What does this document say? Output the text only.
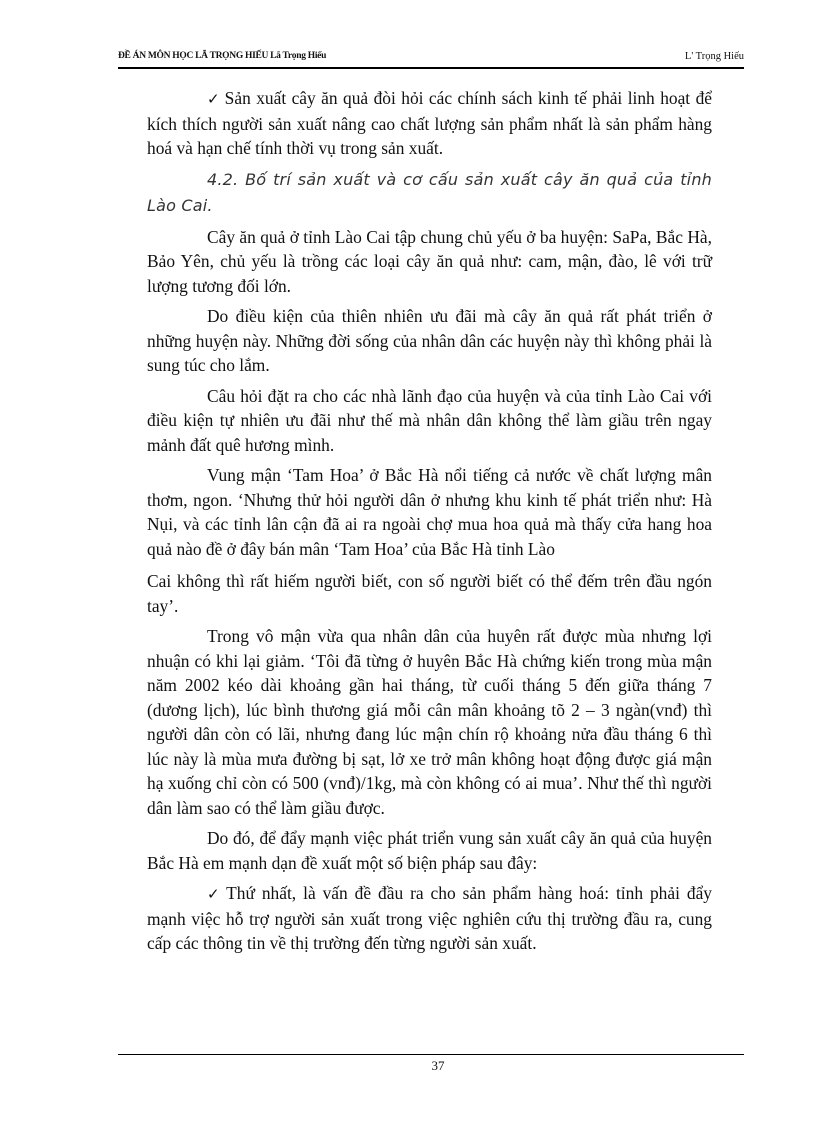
ĐỀ ÁN MÔN HỌC LÃ TRỌNG HIẾU Lã Trọng Hiếu	L' Trọng Hiếu

✓ Sản xuất cây ăn quả đòi hỏi các chính sách kinh tế phải linh hoạt để kích thích người sản xuất nâng cao chất lượng sản phẩm nhất là sản phẩm hàng hoá và hạn chế tính thời vụ trong sản xuất.

4.2. Bố trí sản xuất và cơ cấu sản xuất cây ăn quả của tỉnh Lào Cai.

Cây ăn quả ở tỉnh Lào Cai tập chung chủ yếu ở ba huyện: SaPa, Bắc Hà, Bảo Yên, chủ yếu là trồng các loại cây ăn quả như: cam, mận, đào, lê với trữ lượng tương đối lớn.

Do điều kiện của thiên nhiên ưu đãi mà cây ăn quả rất phát triển ở những huyện này. Những đời sống của nhân dân các huyện này thì không phải là sung túc cho lắm.

Câu hỏi đặt ra cho các nhà lãnh đạo của huyện và của tỉnh Lào Cai với điều kiện tự nhiên ưu đãi như thế mà nhân dân không thể làm giầu trên ngay mảnh đất quê hương mình.

Vung mận ‘Tam Hoa’ ở Bắc Hà nổi tiếng cả nước về chất lượng mân thơm, ngon. ‘Nhưng thử hỏi người dân ở nhưng khu kinh tế phát triển như: Hà Nụi, và các tỉnh lân cận đã ai ra ngoài chợ mua hoa quả mà thấy cửa hang hoa quả nào đề ở đây bán mân ‘Tam Hoa’ của Bắc Hà tỉnh Lào

Cai không thì rất hiếm người biết, con số người biết có thể đếm trên đầu ngón tay’.

Trong vô mận vừa qua nhân dân của huyên rất được mùa nhưng lợi nhuận có khi lại giảm. ‘Tôi đã từng ở huyên Bắc Hà chứng kiến trong mùa mận năm 2002 kéo dài khoảng gần hai tháng, từ cuối tháng 5 đến giữa tháng 7 (dương lịch), lúc bình thương giá mỗi cân mân khoảng tõ 2 – 3 ngàn(vnđ) thì người dân còn có lãi, nhưng đang lúc mận chín rộ khoảng nửa đầu tháng 6 thì lúc này là mùa mưa đường bị sạt, lở xe trở mân không hoạt động được giá mận hạ xuống chỉ còn có 500 (vnđ)/1kg, mà còn không có ai mua’. Như thế thì người dân làm sao có thể làm giầu được.

Do đó, để đẩy mạnh việc phát triển vung sản xuất cây ăn quả của huyện Bắc Hà em mạnh dạn đề xuất một số biện pháp sau đây:

✓ Thứ nhất, là vấn đề đầu ra cho sản phẩm hàng hoá: tỉnh phải đẩy mạnh việc hỗ trợ người sản xuất trong việc nghiên cứu thị trường đầu ra, cung cấp các thông tin về thị trường đến từng người sản xuất.

37
